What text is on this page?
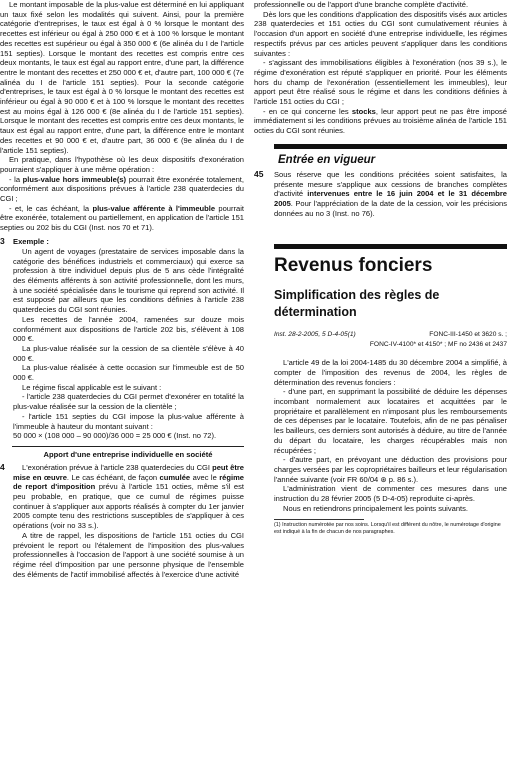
Le montant imposable de la plus-value est déterminé en lui appliquant un taux fixé selon les modalités qui suivent. Ainsi, pour la première catégorie d'entreprises, le taux est égal à 0 % lorsque le montant des recettes est inférieur ou égal à 250 000 € et à 100 % lorsque le montant des recettes est supérieur ou égal à 350 000 € (6e alinéa du I de l'article 151 septies). Lorsque le montant des recettes est compris entre ces deux montants, le taux est égal au rapport entre, d'une part, la différence entre le montant des recettes et 250 000 € et, d'autre part, 100 000 € (7e alinéa du I de l'article 151 septies). Pour la seconde catégorie d'entreprises, le taux est égal à 0 % lorsque le montant des recettes est inférieur ou égal à 90 000 € et à 100 % lorsque le montant des recettes est au moins égal à 126 000 € (8e alinéa du I de l'article 151 septies). Lorsque le montant des recettes est compris entre ces deux montants, le taux est égal au rapport entre, d'une part, la différence entre le montant des recettes et 90 000 € et, d'autre part, 36 000 € (9e alinéa du I de l'article 151 septies).

En pratique, dans l'hypothèse où les deux dispositifs d'exonération pourraient s'appliquer à une même opération :

- la plus-value hors immeuble(s) pourrait être exonérée totalement, conformément aux dispositions prévues à l'article 238 quaterdecies du CGI ;

- et, le cas échéant, la plus-value afférente à l'immeuble pourrait être exonérée, totalement ou partiellement, en application de l'article 151 septies ou 202 bis du CGI (Inst. nos 70 et 71).

3 Exemple :

Un agent de voyages (prestataire de services imposable dans la catégorie des bénéfices industriels et commerciaux) qui exerce sa profession à titre individuel depuis plus de 5 ans cède l'intégralité des éléments afférents à son activité professionnelle, dont les murs, à une société spécialisée dans le tourisme qui reprend son activité. Il est supposé par ailleurs que les conditions définies à l'article 238 quaterdecies du CGI sont réunies.

Les recettes de l'année 2004, ramenées sur douze mois conformément aux dispositions de l'article 202 bis, s'élèvent à 108 000 €.

La plus-value réalisée sur la cession de sa clientèle s'élève à 40 000 €.

La plus-value réalisée à cette occasion sur l'immeuble est de 50 000 €.

Le régime fiscal applicable est le suivant :

- l'article 238 quaterdecies du CGI permet d'exonérer en totalité la plus-value réalisée sur la cession de la clientèle ;

- l'article 151 septies du CGI impose la plus-value afférente à l'immeuble à hauteur du montant suivant :

50 000 × (108 000 – 90 000)/36 000 = 25 000 € (Inst. no 72).

Apport d'une entreprise individuelle en société
4	L'exonération prévue à l'article 238 quaterdecies du CGI peut être mise en œuvre. Le cas échéant, de façon cumulée avec le régime de report d'imposition prévu à l'article 151 octies, même s'il est peu probable, en pratique, que ce cumul de régimes puisse continuer à s'appliquer aux apports réalisés à compter du 1er janvier 2005 compte tenu des restrictions susceptibles de s'appliquer à ces opérations (voir no 33 s.).

A titre de rappel, les dispositions de l'article 151 octies du CGI prévoient le report ou l'étalement de l'imposition des plus-values professionnelles à l'occasion de l'apport à une société soumise à un régime réel d'imposition par une personne physique de l'ensemble des éléments de l'actif immobilisé affectés à l'exercice d'une activité

professionnelle ou de l'apport d'une branche complète d'activité.

Dès lors que les conditions d'application des dispositifs visés aux articles 238 quaterdecies et 151 octies du CGI sont cumulativement réunies à l'occasion d'un apport en société d'une entreprise individuelle, les régimes respectifs prévus par ces articles peuvent s'appliquer dans les conditions suivantes :

- s'agissant des immobilisations éligibles à l'exonération (nos 39 s.), le régime d'exonération est réputé s'appliquer en priorité. Pour les éléments hors du champ de l'exonération (essentiellement les immeubles), leur apport peut être réalisé sous le régime et dans les conditions définies à l'article 151 octies du CGI ;

- en ce qui concerne les stocks, leur apport peut ne pas être imposé immédiatement si les conditions prévues au troisième alinéa de l'article 151 octies du CGI sont réunies.

Entrée en vigueur
45 Sous réserve que les conditions précitées soient satisfaites, la présente mesure s'applique aux cessions de branches complètes d'activité intervenues entre le 16 juin 2004 et le 31 décembre 2005. Pour l'appréciation de la date de la cession, voir les précisions données au no 3 (Inst. no 76).

Revenus fonciers
Simplification des règles de détermination
Inst. 28-2-2005, 5 D-4-05(1)	FONC-III-1450 et 3620 s. ;
FONC-IV-4100* et 4150* ; MF no 2436 et 2437

L'article 49 de la loi 2004-1485 du 30 décembre 2004 a simplifié, à compter de l'imposition des revenus de 2004, les règles de détermination des revenus fonciers :

- d'une part, en supprimant la possibilité de déduire les dépenses incombant normalement aux locataires et acquittées par le propriétaire et parallèlement en n'imposant plus les remboursements de ces dépenses par le locataire. Toutefois, afin de ne pas pénaliser les bailleurs, ces derniers sont autorisés à déduire, au titre de l'année du départ du locataire, les charges récupérables mais non récupérées ;

- d'autre part, en prévoyant une déduction des provisions pour charges versées par les copropriétaires bailleurs et leur régularisation l'année suivante (voir FR 60/04 ⊛ p. 86 s.).

L'administration vient de commenter ces mesures dans une instruction du 28 février 2005 (5 D-4-05) reproduite ci-après.

Nous en retiendrons principalement les points suivants.

(1) Instruction numérotée par nos soins. Lorsqu'il est différent du nôtre, le numérotage d'origine est indiqué à la fin de chacun de nos paragraphes.
